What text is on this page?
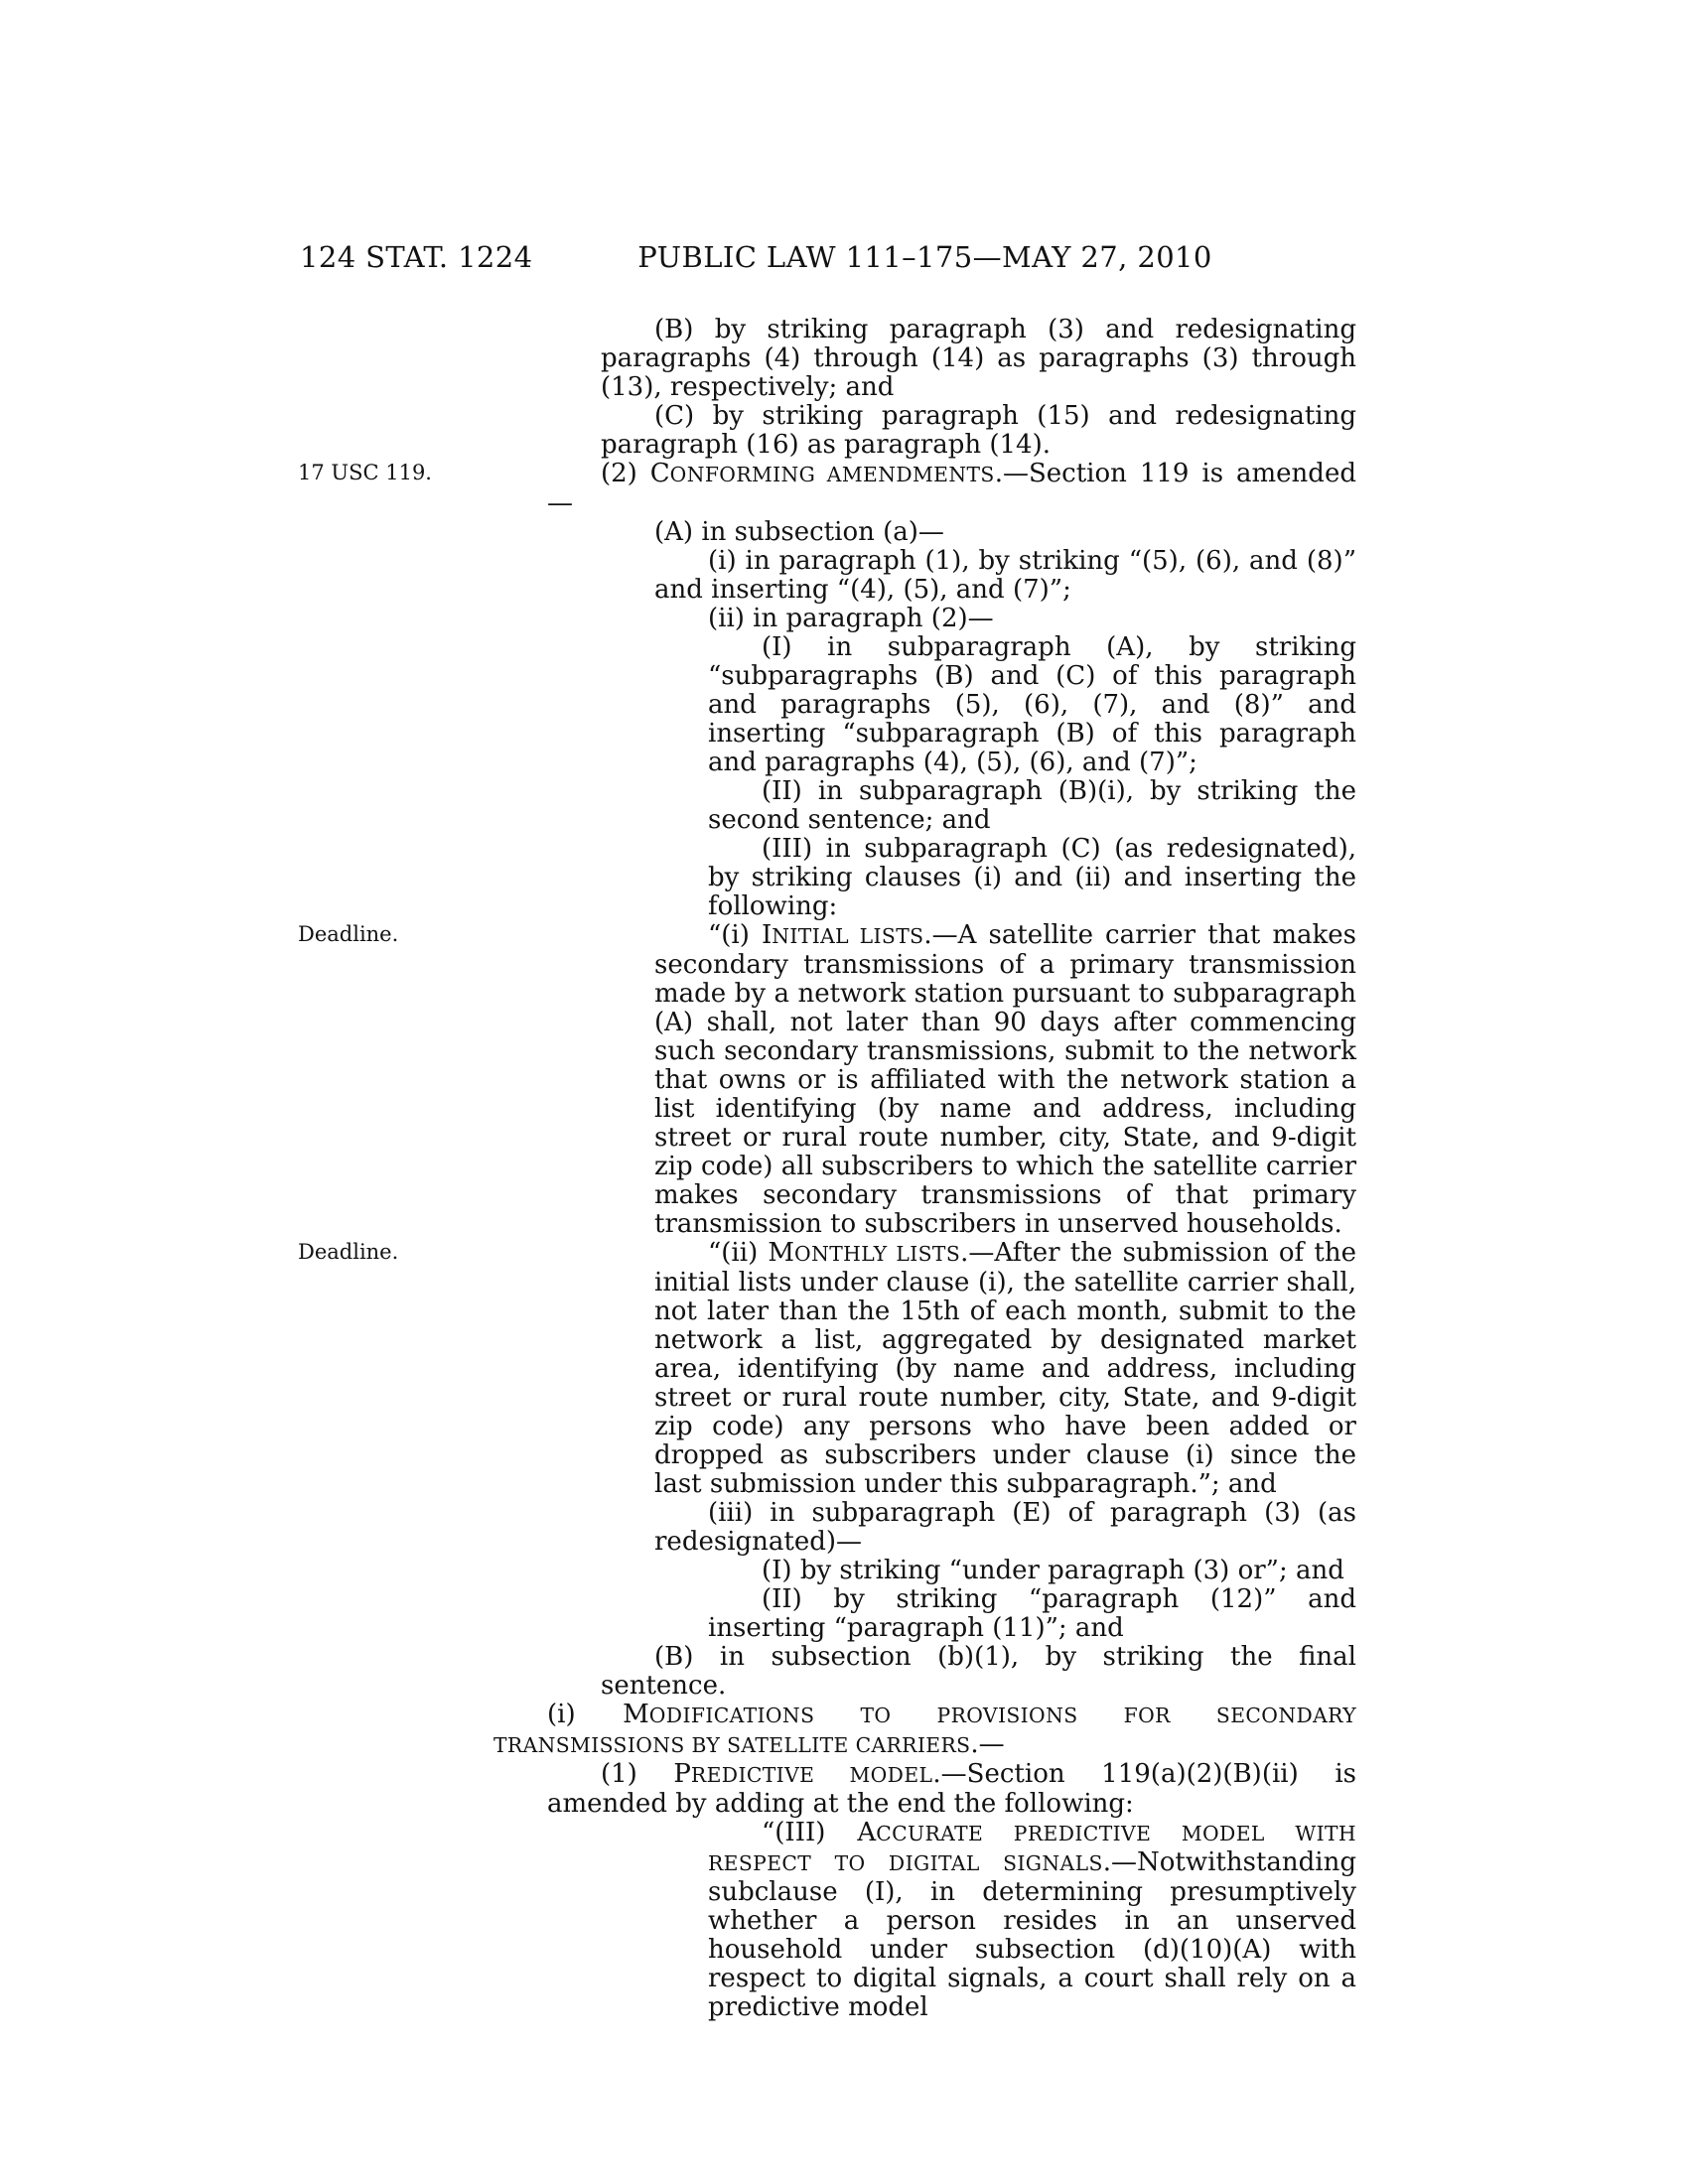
124 STAT. 1224	PUBLIC LAW 111–175—MAY 27, 2010
17 USC 119.
Deadline.
Deadline.

(B) by striking paragraph (3) and redesignating paragraphs (4) through (14) as paragraphs (3) through (13), respectively; and

(C) by striking paragraph (15) and redesignating paragraph (16) as paragraph (14).

(2) CONFORMING AMENDMENTS.—Section 119 is amended—

(A) in subsection (a)—

(i) in paragraph (1), by striking “(5), (6), and (8)” and inserting “(4), (5), and (7)”;

(ii) in paragraph (2)—

(I) in subparagraph (A), by striking “subparagraphs (B) and (C) of this paragraph and paragraphs (5), (6), (7), and (8)” and inserting “subparagraph (B) of this paragraph and paragraphs (4), (5), (6), and (7)”;

(II) in subparagraph (B)(i), by striking the second sentence; and

(III) in subparagraph (C) (as redesignated), by striking clauses (i) and (ii) and inserting the following:

“(i) INITIAL LISTS.—A satellite carrier that makes secondary transmissions of a primary transmission made by a network station pursuant to subparagraph (A) shall, not later than 90 days after commencing such secondary transmissions, submit to the network that owns or is affiliated with the network station a list identifying (by name and address, including street or rural route number, city, State, and 9-digit zip code) all subscribers to which the satellite carrier makes secondary transmissions of that primary transmission to subscribers in unserved households.

“(ii) MONTHLY LISTS.—After the submission of the initial lists under clause (i), the satellite carrier shall, not later than the 15th of each month, submit to the network a list, aggregated by designated market area, identifying (by name and address, including street or rural route number, city, State, and 9-digit zip code) any persons who have been added or dropped as subscribers under clause (i) since the last submission under this subparagraph.”; and

(iii) in subparagraph (E) of paragraph (3) (as redesignated)—

(I) by striking “under paragraph (3) or”; and

(II) by striking “paragraph (12)” and inserting “paragraph (11)”; and

(B) in subsection (b)(1), by striking the final sentence.

(i) MODIFICATIONS TO PROVISIONS FOR SECONDARY TRANSMISSIONS BY SATELLITE CARRIERS.—

(1) PREDICTIVE MODEL.—Section 119(a)(2)(B)(ii) is amended by adding at the end the following:

“(III) ACCURATE PREDICTIVE MODEL WITH RESPECT TO DIGITAL SIGNALS.—Notwithstanding subclause (I), in determining presumptively whether a person resides in an unserved household under subsection (d)(10)(A) with respect to digital signals, a court shall rely on a predictive model
